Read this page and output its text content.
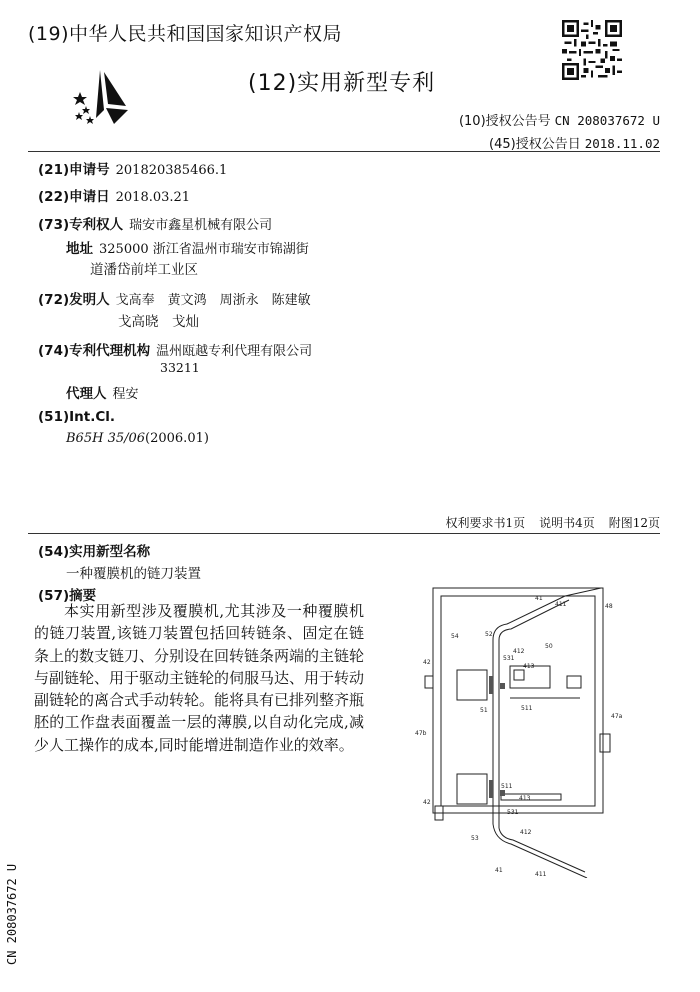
(19)中华人民共和国国家知识产权局
(12)实用新型专利
(10)授权公告号 CN 208037672 U
(45)授权公告日 2018.11.02
(21)申请号 201820385466.1
(22)申请日 2018.03.21
(73)专利权人 瑞安市鑫星机械有限公司
地址 325000 浙江省温州市瑞安市锦湖街
道潘岱前垟工业区
(72)发明人 戈高奉　黄文鸿　周浙永　陈建敏
戈高晓　戈灿
(74)专利代理机构 温州瓯越专利代理有限公司
33211
代理人 程安
(51)Int.Cl.
B65H 35/06(2006.01)
权利要求书1页 说明书4页 附图12页
(54)实用新型名称
一种覆膜机的链刀装置
(57)摘要
本实用新型涉及覆膜机,尤其涉及一种覆膜机的链刀装置,该链刀装置包括回转链条、固定在链条上的数支链刀、分别设在回转链条两端的主链轮与副链轮、用于驱动主链轮的伺服马达、用于转动副链轮的离合式手动转轮。能将具有已排列整齐瓶胚的工作盘表面覆盖一层的薄膜,以自动化完成,减少人工操作的成本,同时能增进制造作业的效率。
41
411	48
54	52
412
50
42
531
413
511
51
47b
47a
511
413
42
531
53
412
41
411
CN 208037672 U
